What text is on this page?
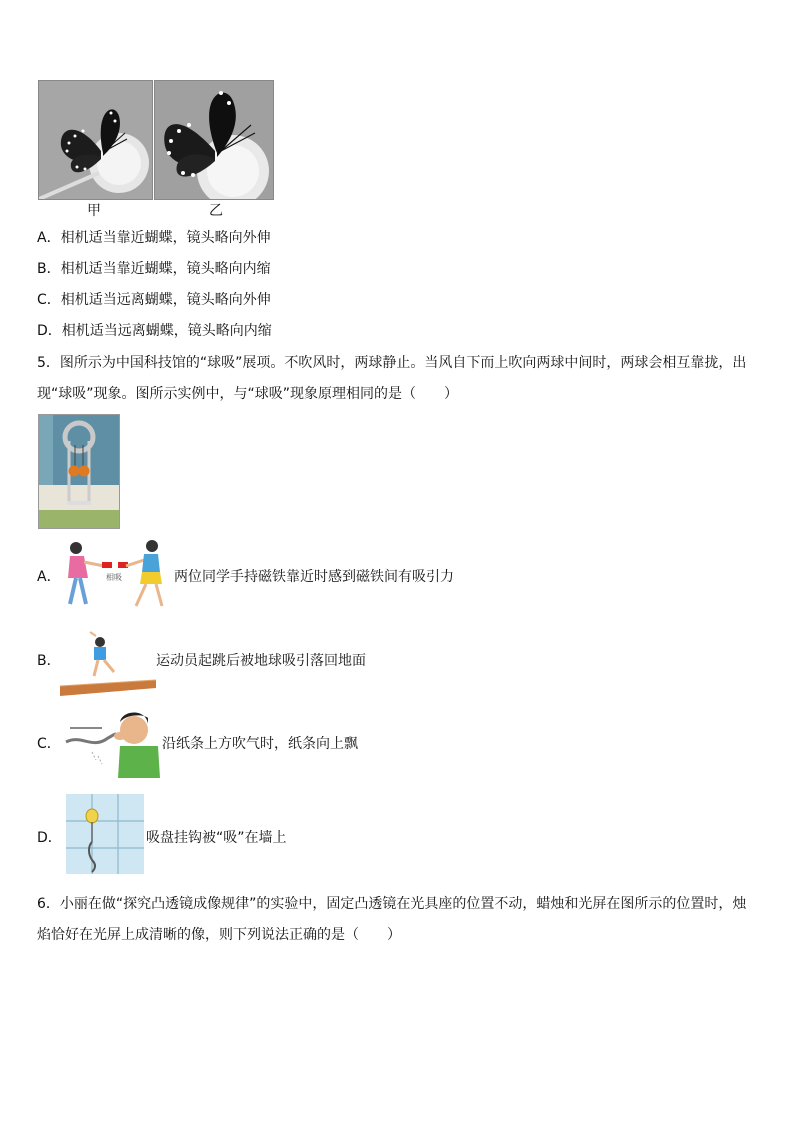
甲	乙
A．相机适当靠近蝴蝶，镜头略向外伸
B．相机适当靠近蝴蝶，镜头略向内缩
C．相机适当远离蝴蝶，镜头略向外伸
D．相机适当远离蝴蝶，镜头略向内缩
5．图所示为中国科技馆的“球吸”展项。不吹风时，两球静止。当风自下而上吹向两球中间时，两球会相互靠拢，出
现“球吸”现象。图所示实例中，与“球吸”现象原理相同的是（　　）
A．	相吸	两位同学手持磁铁靠近时感到磁铁间有吸引力
B．	运动员起跳后被地球吸引落回地面
C．	沿纸条上方吹气时，纸条向上飘
D．	吸盘挂钩被“吸”在墙上
6．小丽在做“探究凸透镜成像规律”的实验中，固定凸透镜在光具座的位置不动，蜡烛和光屏在图所示的位置时，烛
焰恰好在光屏上成清晰的像，则下列说法正确的是（　　）
